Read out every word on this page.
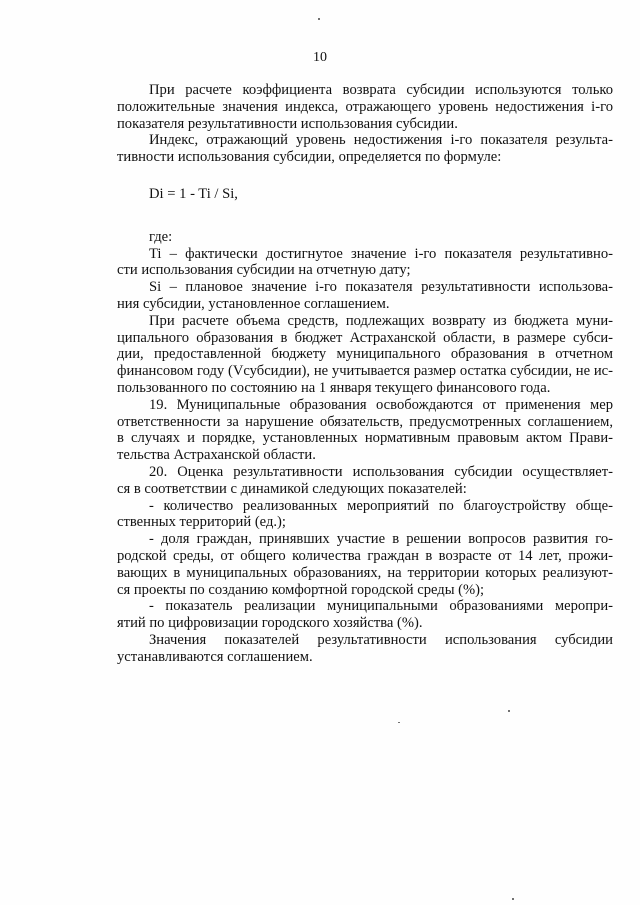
10
При расчете коэффициента возврата субсидии используются только
положительные значения индекса, отражающего уровень недостижения i-го
показателя результативности использования субсидии.
Индекс, отражающий уровень недостижения i-го показателя результа-
тивности использования субсидии, определяется по формуле:
Di = 1 - Ti / Si,
где:
Ti – фактически достигнутое значение i-го показателя результативно-
сти использования субсидии на отчетную дату;
Si – плановое значение i-го показателя результативности использова-
ния субсидии, установленное соглашением.
При расчете объема средств, подлежащих возврату из бюджета муни-
ципального образования в бюджет Астраханской области, в размере субси-
дии, предоставленной бюджету муниципального образования в отчетном
финансовом году (Vсубсидии), не учитывается размер остатка субсидии, не ис-
пользованного по состоянию на 1 января текущего финансового года.
19. Муниципальные образования освобождаются от применения мер
ответственности за нарушение обязательств, предусмотренных соглашением,
в случаях и порядке, установленных нормативным правовым актом Прави-
тельства Астраханской области.
20. Оценка результативности использования субсидии осуществляет-
ся в соответствии с динамикой следующих показателей:
- количество реализованных мероприятий по благоустройству обще-
ственных территорий (ед.);
- доля граждан, принявших участие в решении вопросов развития го-
родской среды, от общего количества граждан в возрасте от 14 лет, прожи-
вающих в муниципальных образованиях, на территории которых реализуют-
ся проекты по созданию комфортной городской среды (%);
- показатель реализации муниципальными образованиями меропри-
ятий по цифровизации городского хозяйства (%).
Значения показателей результативности использования субсидии
устанавливаются соглашением.
